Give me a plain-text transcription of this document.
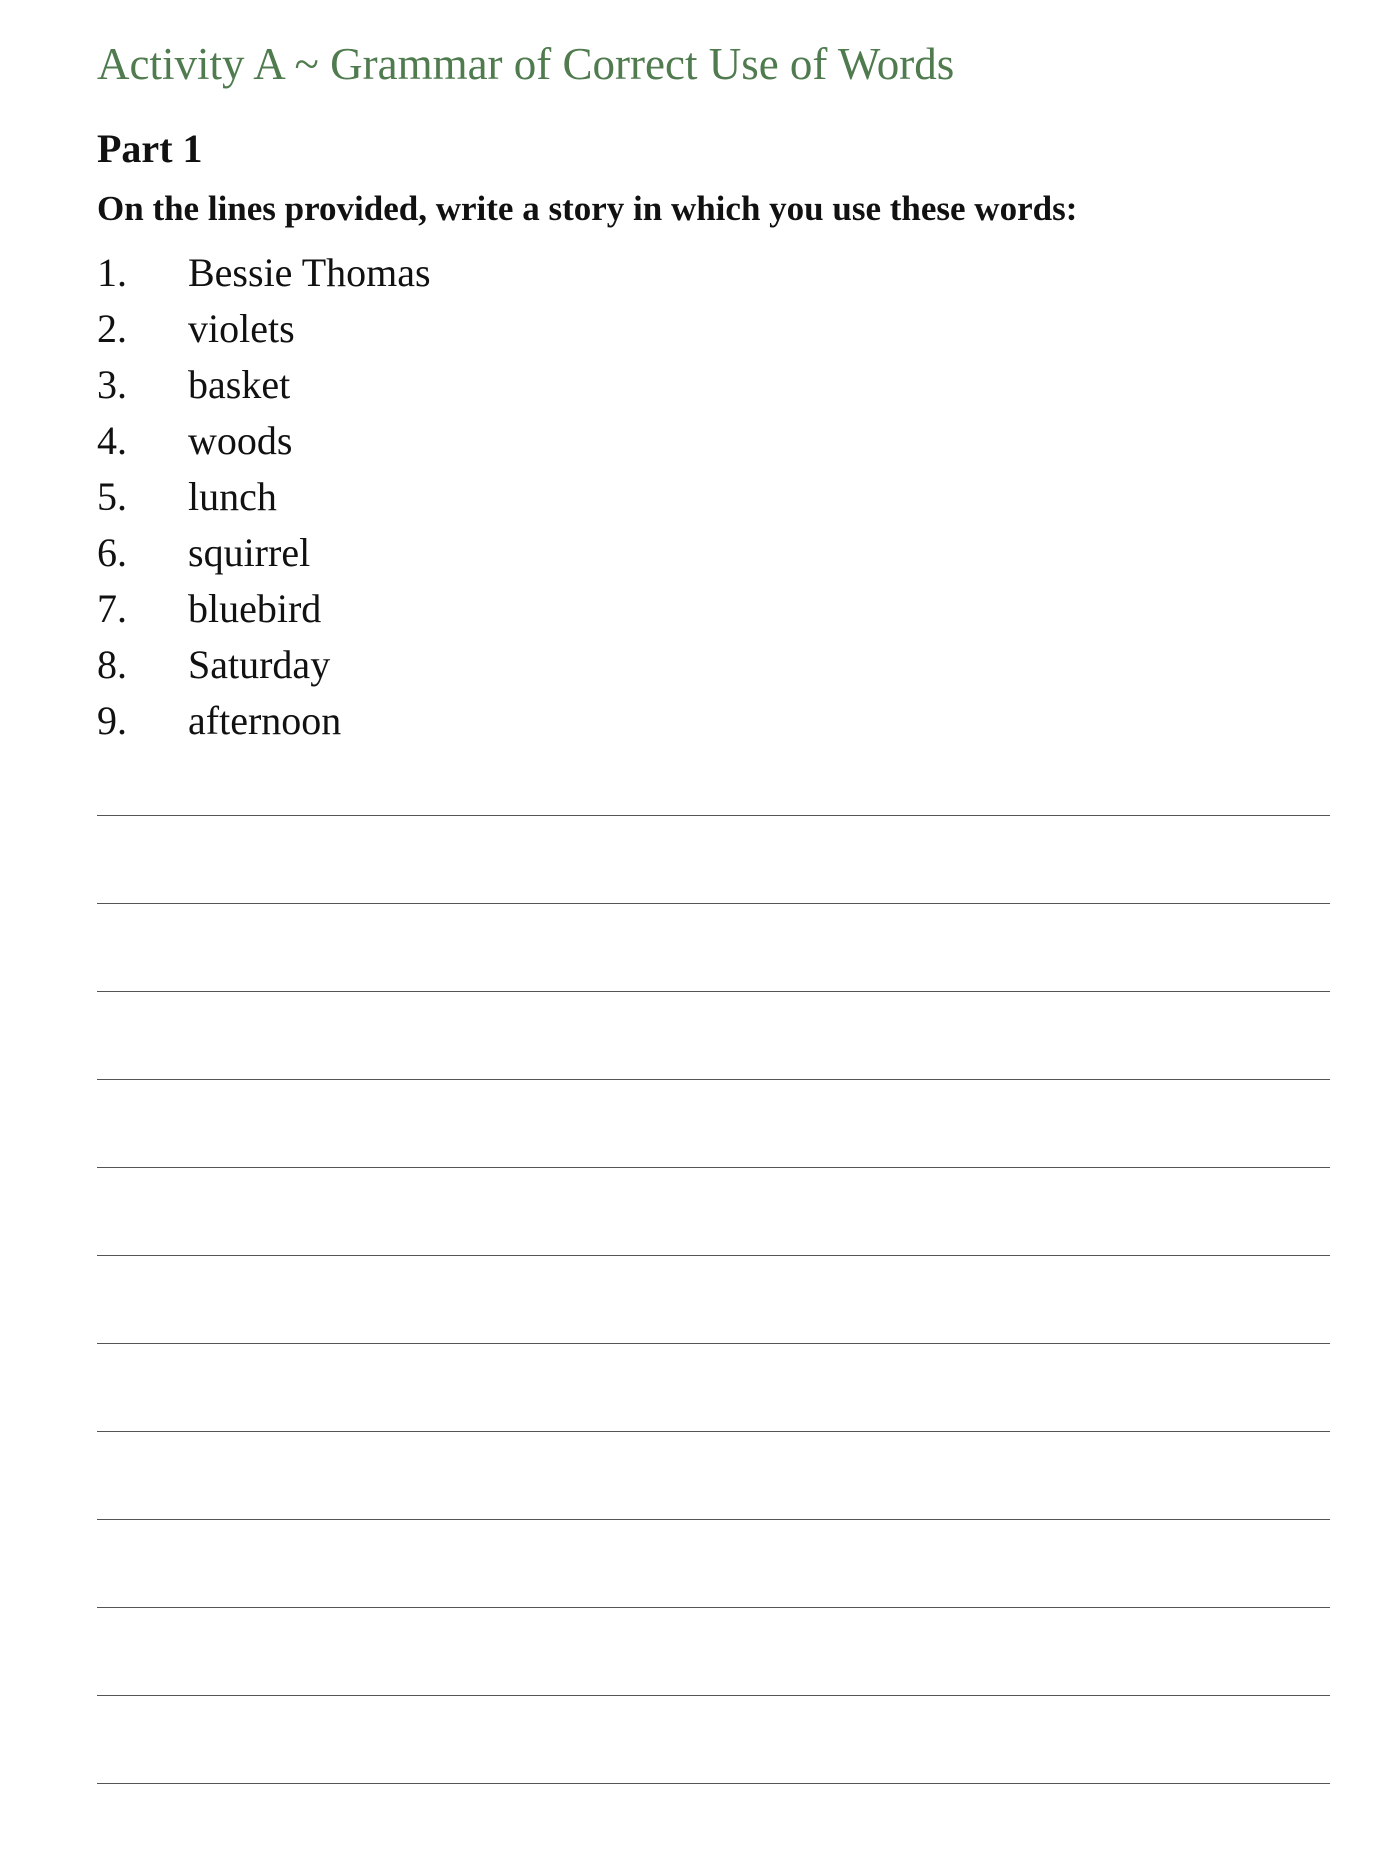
Activity A ~ Grammar of Correct Use of Words
Part 1
On the lines provided, write a story in which you use these words:
1.	Bessie Thomas
2.	violets
3.	basket
4.	woods
5.	lunch
6.	squirrel
7.	bluebird
8.	Saturday
9.	afternoon
